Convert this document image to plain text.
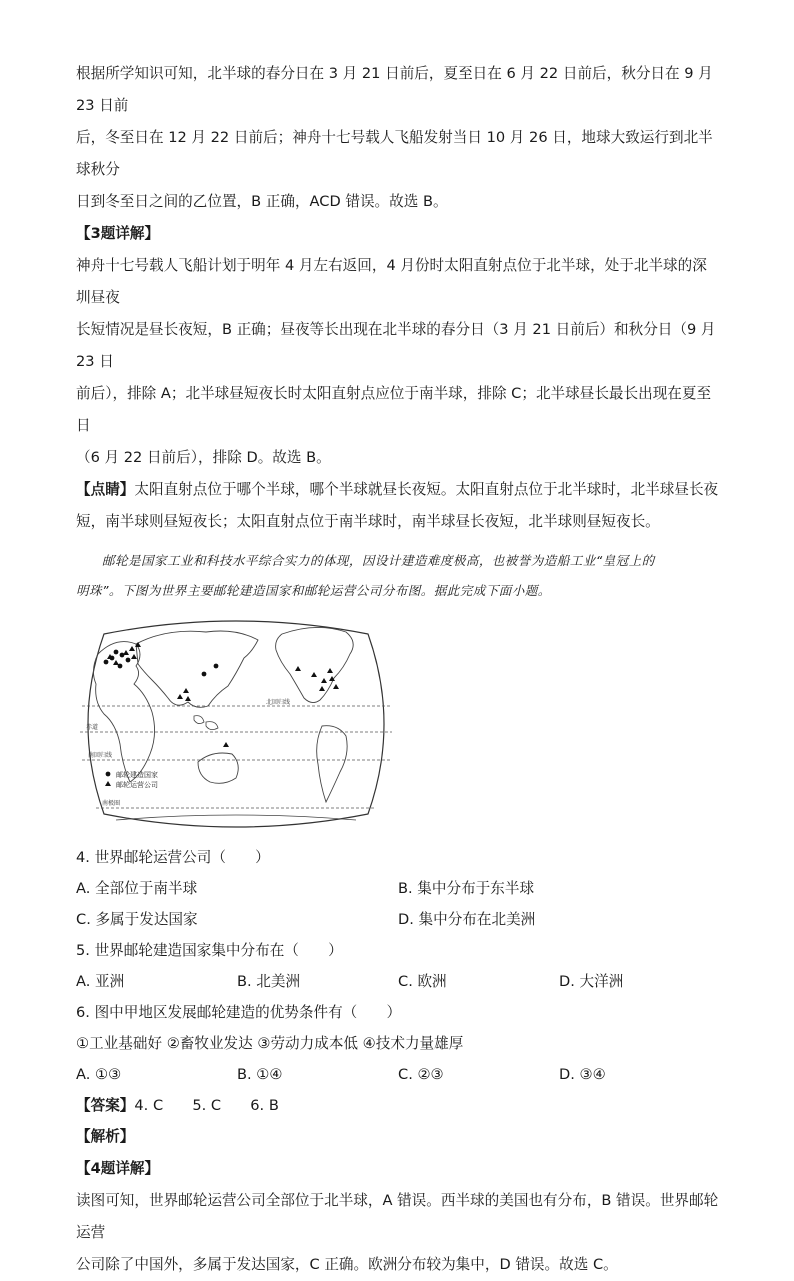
根据所学知识可知，北半球的春分日在 3 月 21 日前后，夏至日在 6 月 22 日前后，秋分日在 9 月 23 日前

后，冬至日在 12 月 22 日前后；神舟十七号载人飞船发射当日 10 月 26 日，地球大致运行到北半球秋分

日到冬至日之间的乙位置，B 正确，ACD 错误。故选 B。

【3题详解】

神舟十七号载人飞船计划于明年 4 月左右返回，4 月份时太阳直射点位于北半球，处于北半球的深圳昼夜

长短情况是昼长夜短，B 正确；昼夜等长出现在北半球的春分日（3 月 21 日前后）和秋分日（9 月 23 日

前后），排除 A；北半球昼短夜长时太阳直射点应位于南半球，排除 C；北半球昼长最长出现在夏至日

（6 月 22 日前后），排除 D。故选 B。

【点睛】太阳直射点位于哪个半球，哪个半球就昼长夜短。太阳直射点位于北半球时，北半球昼长夜

短，南半球则昼短夜长；太阳直射点位于南半球时，南半球昼长夜短，北半球则昼短夜长。

邮轮是国家工业和科技水平综合实力的体现，因设计建造难度极高，也被誉为造船工业“皇冠上的

明珠”。下图为世界主要邮轮建造国家和邮轮运营公司分布图。据此完成下面小题。

北回归线
赤道
南回归线
南极圈
邮轮建造国家
邮轮运营公司

4. 世界邮轮运营公司（　　）

A. 全部位于南半球	B. 集中分布于东半球
C. 多属于发达国家	D. 集中分布在北美洲

5. 世界邮轮建造国家集中分布在（　　）

A. 亚洲	B. 北美洲	C. 欧洲	D. 大洋洲

6. 图中甲地区发展邮轮建造的优势条件有（　　）

①工业基础好 ②畜牧业发达 ③劳动力成本低 ④技术力量雄厚

A. ①③	B. ①④	C. ②③	D. ③④

【答案】4. C　　5. C　　6. B

【解析】

【4题详解】

读图可知，世界邮轮运营公司全部位于北半球，A 错误。西半球的美国也有分布，B 错误。世界邮轮运营

公司除了中国外，多属于发达国家，C 正确。欧洲分布较为集中，D 错误。故选 C。
